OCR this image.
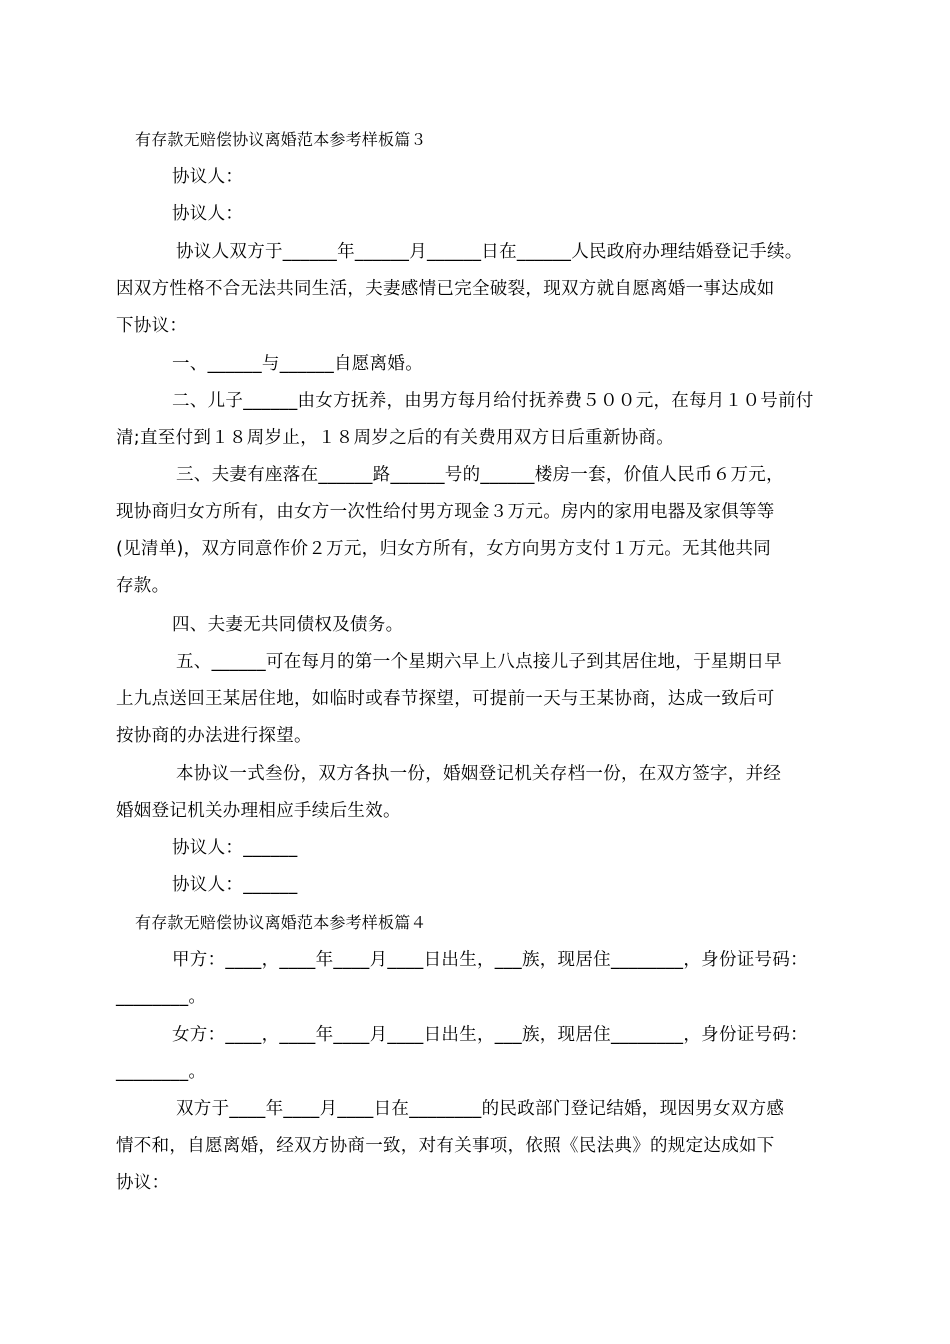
有存款无赔偿协议离婚范本参考样板篇３
协议人：
协议人：
协议人双方于______年______月______日在______人民政府办理结婚登记手续。
因双方性格不合无法共同生活，夫妻感情已完全破裂，现双方就自愿离婚一事达成如
下协议：
一、______与______自愿离婚。
二、儿子______由女方抚养，由男方每月给付抚养费５００元，在每月１０号前付
清;直至付到１８周岁止，１８周岁之后的有关费用双方日后重新协商。
三、夫妻有座落在______路______号的______楼房一套，价值人民币６万元，
现协商归女方所有，由女方一次性给付男方现金３万元。房内的家用电器及家俱等等
(见清单)，双方同意作价２万元，归女方所有，女方向男方支付１万元。无其他共同
存款。
四、夫妻无共同债权及债务。
五、______可在每月的第一个星期六早上八点接儿子到其居住地，于星期日早
上九点送回王某居住地，如临时或春节探望，可提前一天与王某协商，达成一致后可
按协商的办法进行探望。
本协议一式叁份，双方各执一份，婚姻登记机关存档一份，在双方签字，并经
婚姻登记机关办理相应手续后生效。
协议人：______
协议人：______
有存款无赔偿协议离婚范本参考样板篇４
甲方：____，____年____月____日出生，___族，现居住________，身份证号码：
________。
女方：____，____年____月____日出生，___族，现居住________，身份证号码：
________。
双方于____年____月____日在________的民政部门登记结婚，现因男女双方感
情不和，自愿离婚，经双方协商一致，对有关事项，依照《民法典》的规定达成如下
协议：
